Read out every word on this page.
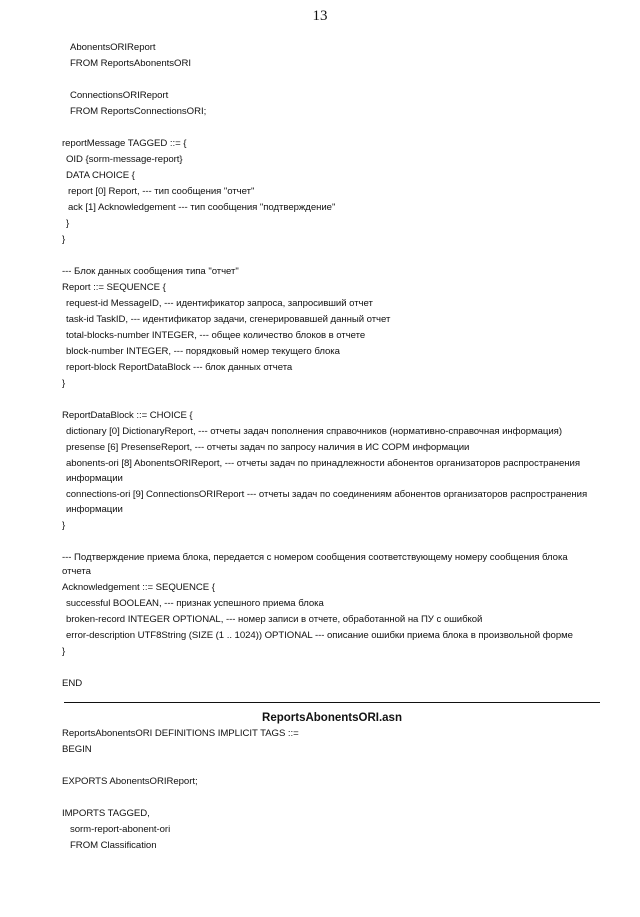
13
AbonentsORIReport
FROM ReportsAbonentsORI
ConnectionsORIReport
FROM ReportsConnectionsORI;
reportMessage TAGGED ::= {
OID {sorm-message-report}
DATA CHOICE {
report [0] Report, --- тип сообщения "отчет"
ack [1] Acknowledgement --- тип сообщения "подтверждение"
}
}
--- Блок данных сообщения типа "отчет"
Report ::= SEQUENCE {
request-id MessageID, --- идентификатор запроса, запросивший отчет
task-id TaskID, --- идентификатор задачи, сгенерировавшей данный отчет
total-blocks-number INTEGER, --- общее количество блоков в отчете
block-number INTEGER, --- порядковый номер текущего блока
report-block ReportDataBlock --- блок данных отчета
}
ReportDataBlock ::= CHOICE {
dictionary [0] DictionaryReport, --- отчеты задач пополнения справочников (нормативно-справочная информация)
presense [6] PresenseReport, --- отчеты задач по запросу наличия в ИС СОРМ информации
abonents-ori [8] AbonentsORIReport, --- отчеты задач по принадлежности абонентов организаторов распространения
информации
connections-ori [9] ConnectionsORIReport --- отчеты задач по соединениям абонентов организаторов распространения
информации
}
--- Подтверждение приема блока, передается с номером сообщения соответствующему номеру сообщения блока
отчета
Acknowledgement ::= SEQUENCE {
successful BOOLEAN, --- признак успешного приема блока
broken-record INTEGER OPTIONAL, --- номер записи в отчете, обработанной на ПУ с ошибкой
error-description UTF8String (SIZE (1 .. 1024)) OPTIONAL --- описание ошибки приема блока в произвольной форме
}
END
ReportsAbonentsORI.asn
ReportsAbonentsORI DEFINITIONS IMPLICIT TAGS ::=
BEGIN
EXPORTS AbonentsORIReport;
IMPORTS TAGGED,
sorm-report-abonent-ori
FROM Classification
